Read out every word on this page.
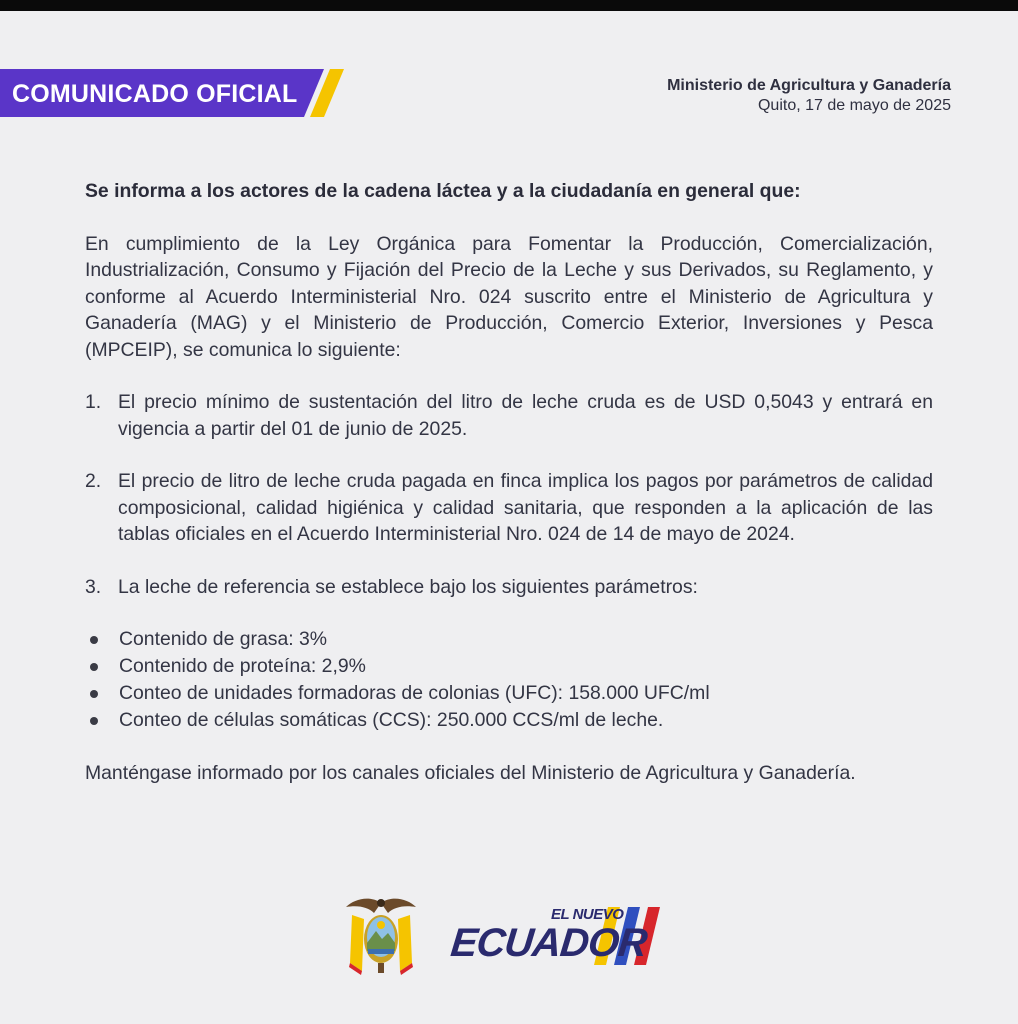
COMUNICADO OFICIAL	Ministerio de Agricultura y Ganadería
Quito, 17 de mayo de 2025

Se informa a los actores de la cadena láctea y a la ciudadanía en general que:

En cumplimiento de la Ley Orgánica para Fomentar la Producción, Comercialización, Industrialización, Consumo y Fijación del Precio de la Leche y sus Derivados, su Reglamento, y conforme al Acuerdo Interministerial Nro. 024 suscrito entre el Ministerio de Agricultura y Ganadería (MAG) y el Ministerio de Producción, Comercio Exterior, Inversiones y Pesca (MPCEIP), se comunica lo siguiente:

1. El precio mínimo de sustentación del litro de leche cruda es de USD 0,5043 y entrará en vigencia a partir del 01 de junio de 2025.
2. El precio de litro de leche cruda pagada en finca implica los pagos por parámetros de calidad composicional, calidad higiénica y calidad sanitaria, que responden a la aplicación de las tablas oficiales en el Acuerdo Interministerial Nro. 024 de 14 de mayo de 2024.
3. La leche de referencia se establece bajo los siguientes parámetros:
Contenido de grasa: 3%
Contenido de proteína: 2,9%
Conteo de unidades formadoras de colonias (UFC): 158.000 UFC/ml
Conteo de células somáticas (CCS): 250.000 CCS/ml de leche.

Manténgase informado por los canales oficiales del Ministerio de Agricultura y Ganadería.

EL NUEVO
ECUADOR
